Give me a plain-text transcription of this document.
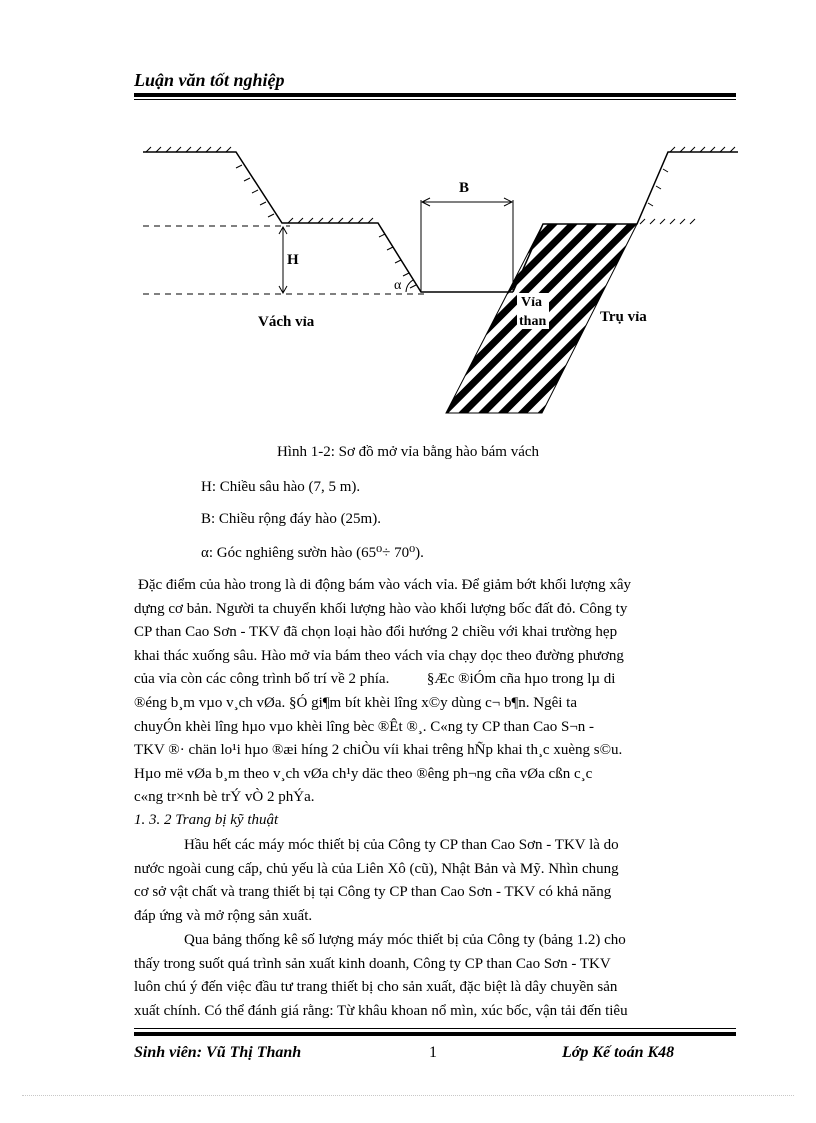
Luận văn tốt nghiệp
B
H
α
Vách vỉa
Vỉa
than	Trụ vỉa
Hình 1-2: Sơ đồ mở vỉa bằng hào bám vách
H: Chiều sâu hào (7, 5 m).
B: Chiều rộng đáy hào (25m).
α: Góc nghiêng sườn hào (65⁰÷ 70⁰).
Đặc điểm của hào trong là di động bám vào vách vỉa. Để giảm bớt khối lượng xây
dựng cơ bản. Người ta chuyển khối lượng hào vào khối lượng bốc đất đỏ. Công ty
CP than Cao Sơn - TKV đã chọn loại hào đổi hướng 2 chiều với khai trường hẹp
khai thác xuống sâu. Hào mở vỉa bám theo vách vỉa chạy dọc theo đường phương
của vỉa còn các công trình bố trí về 2 phía.          §Æc ®iÓm cña hµo trong lµ di
®éng b¸m vµo v¸ch vØa. §Ó gi¶m bít khèi lîng x©y dùng c¬ b¶n. Ngêi ta
chuyÓn khèi lîng hµo vµo khèi lîng bèc ®Êt ®¸. C«ng ty CP than Cao S¬n -
TKV ®· chän lo¹i hµo ®æi híng 2 chiÒu víi khai trêng hÑp khai th¸c xuèng s©u.
Hµo më vØa b¸m theo v¸ch vØa ch¹y däc theo ®êng ph¬ng cña vØa cßn c¸c
c«ng tr×nh bè trÝ vÒ 2 phÝa.
1. 3. 2 Trang bị kỹ thuật
Hầu hết các máy móc thiết bị của Công ty CP than Cao Sơn - TKV là do
nước ngoài cung cấp, chủ yếu là của Liên Xô (cũ), Nhật Bản và Mỹ. Nhìn chung
cơ sở vật chất và trang thiết bị tại Công ty CP than Cao Sơn - TKV có khả năng
đáp ứng và mở rộng sản xuất.
Qua bảng thống kê số lượng máy móc thiết bị của Công ty (bảng 1.2) cho
thấy trong suốt quá trình sản xuất kinh doanh, Công ty CP than Cao Sơn - TKV
luôn chú ý đến việc đầu tư trang thiết bị cho sản xuất, đặc biệt là dây chuyền sản
xuất chính. Có thể đánh giá rằng: Từ khâu khoan nổ mìn, xúc bốc, vận tải đến tiêu
Sinh viên: Vũ Thị Thanh	1	Lớp Kế toán K48
